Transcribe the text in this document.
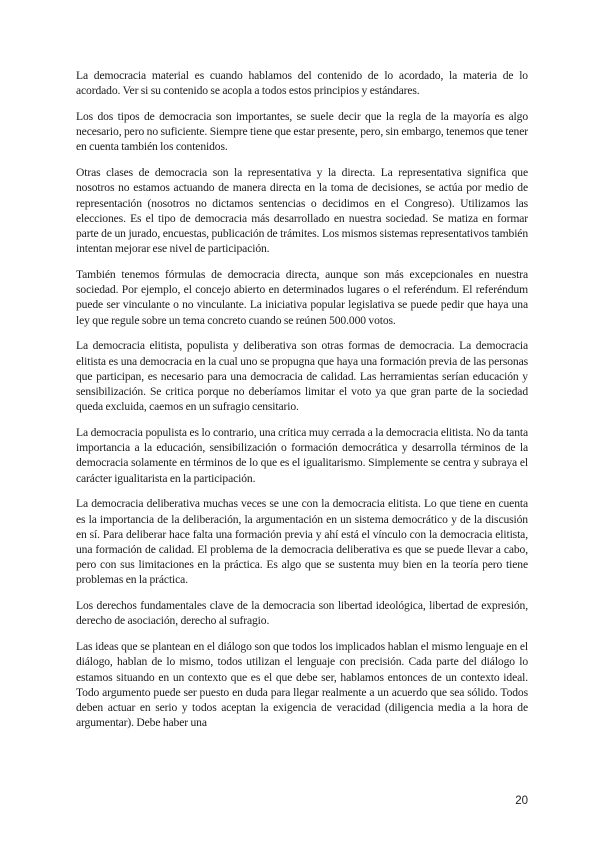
La democracia material es cuando hablamos del contenido de lo acordado, la materia de lo acordado. Ver si su contenido se acopla a todos estos principios y estándares.

Los dos tipos de democracia son importantes, se suele decir que la regla de la mayoría es algo necesario, pero no suficiente. Siempre tiene que estar presente, pero, sin embargo, tenemos que tener en cuenta también los contenidos.

Otras clases de democracia son la representativa y la directa. La representativa significa que nosotros no estamos actuando de manera directa en la toma de decisiones, se actúa por medio de representación (nosotros no dictamos sentencias o decidimos en el Congreso). Utilizamos las elecciones. Es el tipo de democracia más desarrollado en nuestra sociedad. Se matiza en formar parte de un jurado, encuestas, publicación de trámites. Los mismos sistemas representativos también intentan mejorar ese nivel de participación.

También tenemos fórmulas de democracia directa, aunque son más excepcionales en nuestra sociedad. Por ejemplo, el concejo abierto en determinados lugares o el referéndum. El referéndum puede ser vinculante o no vinculante. La iniciativa popular legislativa se puede pedir que haya una ley que regule sobre un tema concreto cuando se reúnen 500.000 votos.

La democracia elitista, populista y deliberativa son otras formas de democracia. La democracia elitista es una democracia en la cual uno se propugna que haya una formación previa de las personas que participan, es necesario para una democracia de calidad. Las herramientas serían educación y sensibilización. Se critica porque no deberíamos limitar el voto ya que gran parte de la sociedad queda excluida, caemos en un sufragio censitario.

La democracia populista es lo contrario, una crítica muy cerrada a la democracia elitista. No da tanta importancia a la educación, sensibilización o formación democrática y desarrolla términos de la democracia solamente en términos de lo que es el igualitarismo. Simplemente se centra y subraya el carácter igualitarista en la participación.

La democracia deliberativa muchas veces se une con la democracia elitista. Lo que tiene en cuenta es la importancia de la deliberación, la argumentación en un sistema democrático y de la discusión en sí. Para deliberar hace falta una formación previa y ahí está el vínculo con la democracia elitista, una formación de calidad. El problema de la democracia deliberativa es que se puede llevar a cabo, pero con sus limitaciones en la práctica. Es algo que se sustenta muy bien en la teoría pero tiene problemas en la práctica.

Los derechos fundamentales clave de la democracia son libertad ideológica, libertad de expresión, derecho de asociación, derecho al sufragio.

Las ideas que se plantean en el diálogo son que todos los implicados hablan el mismo lenguaje en el diálogo, hablan de lo mismo, todos utilizan el lenguaje con precisión. Cada parte del diálogo lo estamos situando en un contexto que es el que debe ser, hablamos entonces de un contexto ideal. Todo argumento puede ser puesto en duda para llegar realmente a un acuerdo que sea sólido. Todos deben actuar en serio y todos aceptan la exigencia de veracidad (diligencia media a la hora de argumentar). Debe haber una

20
